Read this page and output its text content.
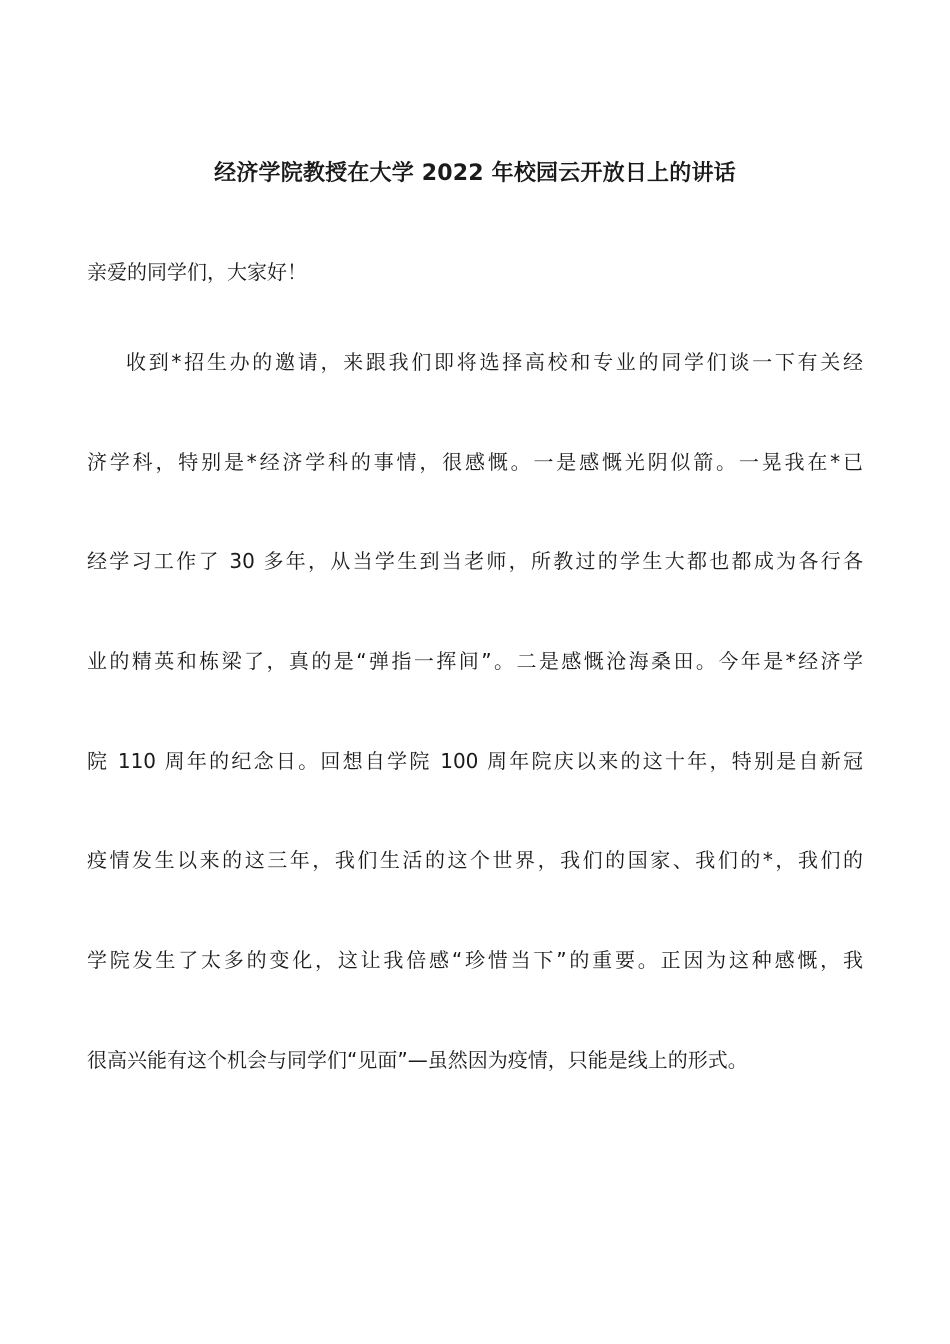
经济学院教授在大学 2022 年校园云开放日上的讲话
亲爱的同学们，大家好！
收到*招生办的邀请，来跟我们即将选择高校和专业的同学们谈一下有关经
济学科，特别是*经济学科的事情，很感慨。一是感慨光阴似箭。一晃我在*已
经学习工作了 30 多年，从当学生到当老师，所教过的学生大都也都成为各行各
业的精英和栋梁了，真的是“弹指一挥间”。二是感慨沧海桑田。今年是*经济学
院 110 周年的纪念日。回想自学院 100 周年院庆以来的这十年，特别是自新冠
疫情发生以来的这三年，我们生活的这个世界，我们的国家、我们的*，我们的
学院发生了太多的变化，这让我倍感“珍惜当下”的重要。正因为这种感慨，我
很高兴能有这个机会与同学们“见面”—虽然因为疫情，只能是线上的形式。
